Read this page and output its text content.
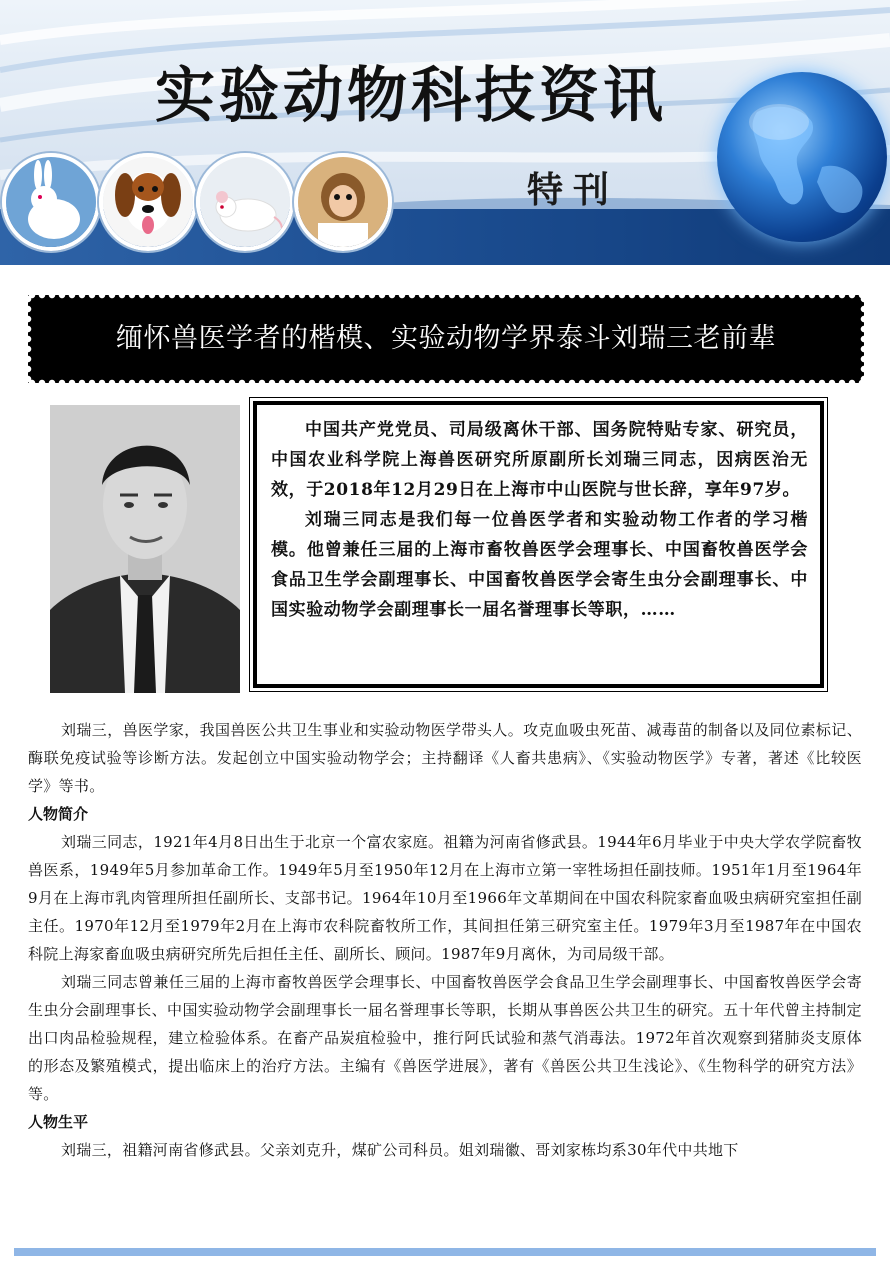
实验动物科技资讯
特刊
缅怀兽医学者的楷模、实验动物学界泰斗刘瑞三老前辈

中国共产党党员、司局级离休干部、国务院特贴专家、研究员，中国农业科学院上海兽医研究所原副所长刘瑞三同志，因病医治无效，于2018年12月29日在上海市中山医院与世长辞，享年97岁。

刘瑞三同志是我们每一位兽医学者和实验动物工作者的学习楷模。他曾兼任三届的上海市畜牧兽医学会理事长、中国畜牧兽医学会食品卫生学会副理事长、中国畜牧兽医学会寄生虫分会副理事长、中国实验动物学会副理事长一届名誉理事长等职，……

刘瑞三，兽医学家，我国兽医公共卫生事业和实验动物医学带头人。攻克血吸虫死苗、减毒苗的制备以及同位素标记、酶联免疫试验等诊断方法。发起创立中国实验动物学会；主持翻译《人畜共患病》、《实验动物医学》专著，著述《比较医学》等书。

人物简介

刘瑞三同志，1921年4月8日出生于北京一个富农家庭。祖籍为河南省修武县。1944年6月毕业于中央大学农学院畜牧兽医系，1949年5月参加革命工作。1949年5月至1950年12月在上海市立第一宰牲场担任副技师。1951年1月至1964年9月在上海市乳肉管理所担任副所长、支部书记。1964年10月至1966年文革期间在中国农科院家畜血吸虫病研究室担任副主任。1970年12月至1979年2月在上海市农科院畜牧所工作，其间担任第三研究室主任。1979年3月至1987年在中国农科院上海家畜血吸虫病研究所先后担任主任、副所长、顾问。1987年9月离休，为司局级干部。

刘瑞三同志曾兼任三届的上海市畜牧兽医学会理事长、中国畜牧兽医学会食品卫生学会副理事长、中国畜牧兽医学会寄生虫分会副理事长、中国实验动物学会副理事长一届名誉理事长等职，长期从事兽医公共卫生的研究。五十年代曾主持制定出口肉品检验规程，建立检验体系。在畜产品炭疽检验中，推行阿氏试验和蒸气消毒法。1972年首次观察到猪肺炎支原体的形态及繁殖模式，提出临床上的治疗方法。主编有《兽医学进展》，著有《兽医公共卫生浅论》、《生物科学的研究方法》等。

人物生平

刘瑞三，祖籍河南省修武县。父亲刘克升，煤矿公司科员。姐刘瑞徽、哥刘家栋均系30年代中共地下
